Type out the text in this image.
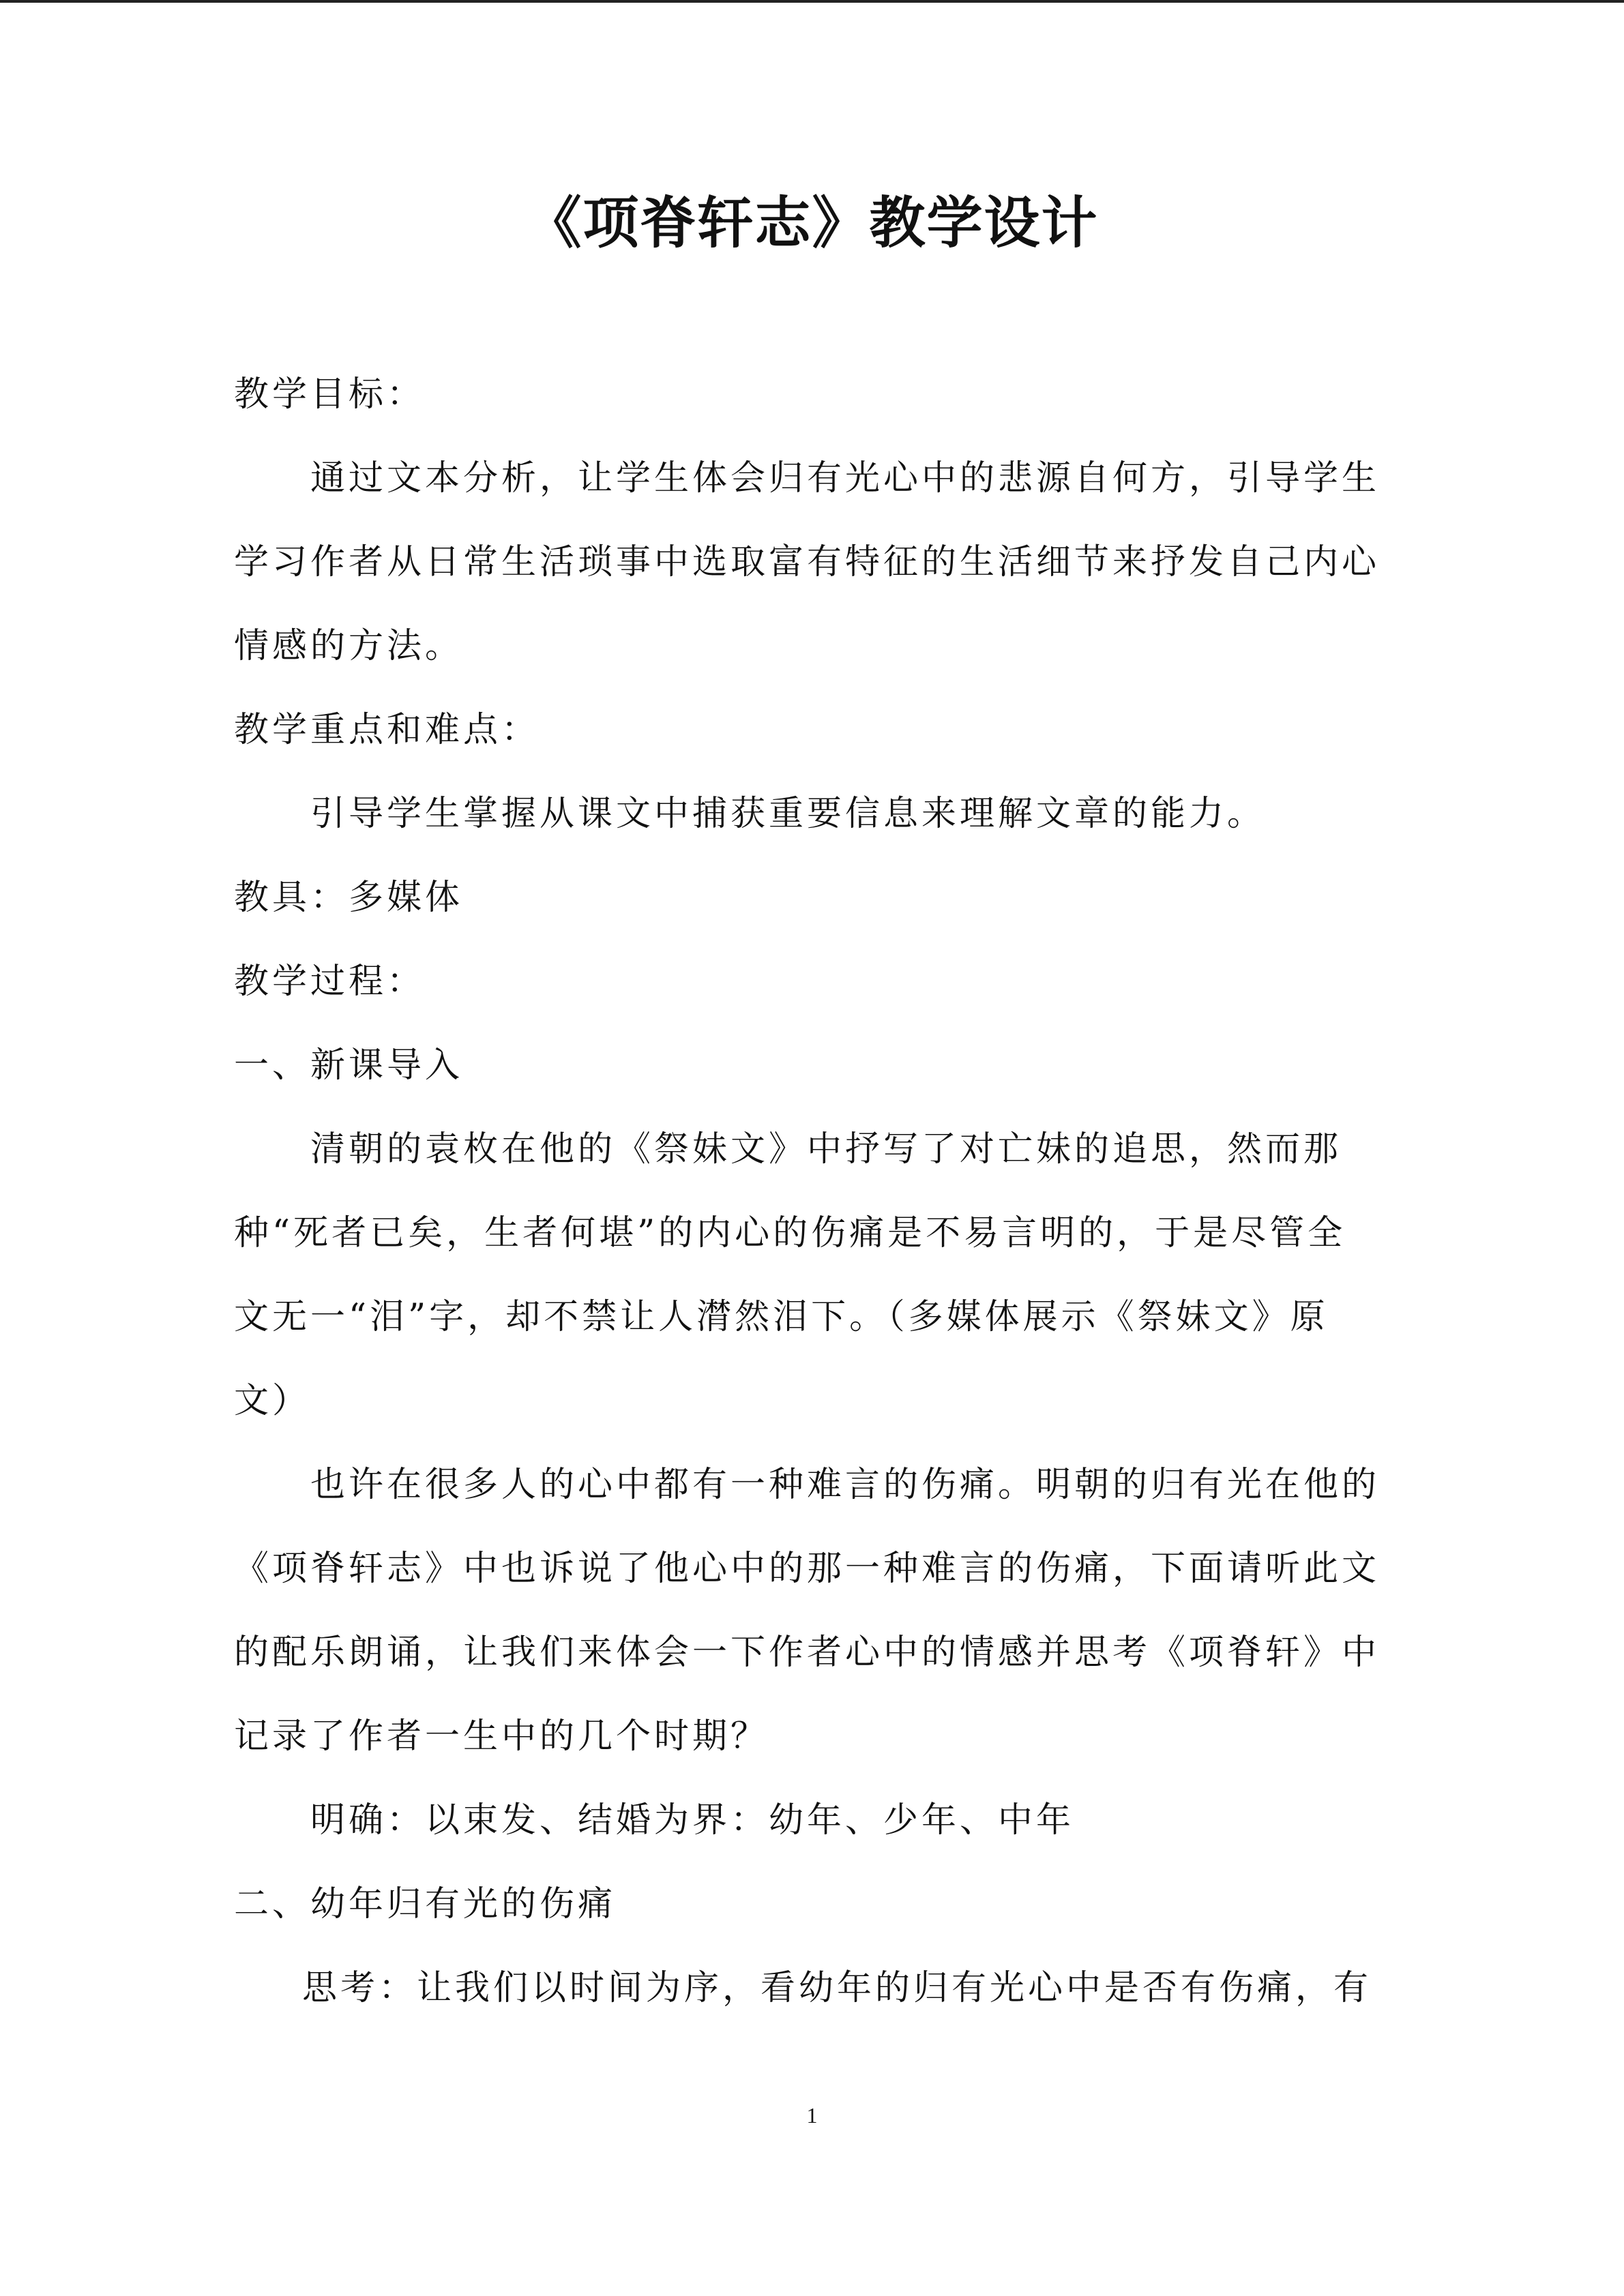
《项脊轩志》教学设计

教学目标：

通过文本分析，让学生体会归有光心中的悲源自何方，引导学生学习作者从日常生活琐事中选取富有特征的生活细节来抒发自己内心情感的方法。

教学重点和难点：

引导学生掌握从课文中捕获重要信息来理解文章的能力。

教具：多媒体

教学过程：

一、新课导入

清朝的袁枚在他的《祭妹文》中抒写了对亡妹的追思，然而那种“死者已矣，生者何堪”的内心的伤痛是不易言明的，于是尽管全文无一“泪”字，却不禁让人潸然泪下。（多媒体展示《祭妹文》原文）

也许在很多人的心中都有一种难言的伤痛。明朝的归有光在他的《项脊轩志》中也诉说了他心中的那一种难言的伤痛，下面请听此文的配乐朗诵，让我们来体会一下作者心中的情感并思考《项脊轩》中记录了作者一生中的几个时期？

明确：以束发、结婚为界：幼年、少年、中年

二、幼年归有光的伤痛

思考：让我们以时间为序，看幼年的归有光心中是否有伤痛，有

1
